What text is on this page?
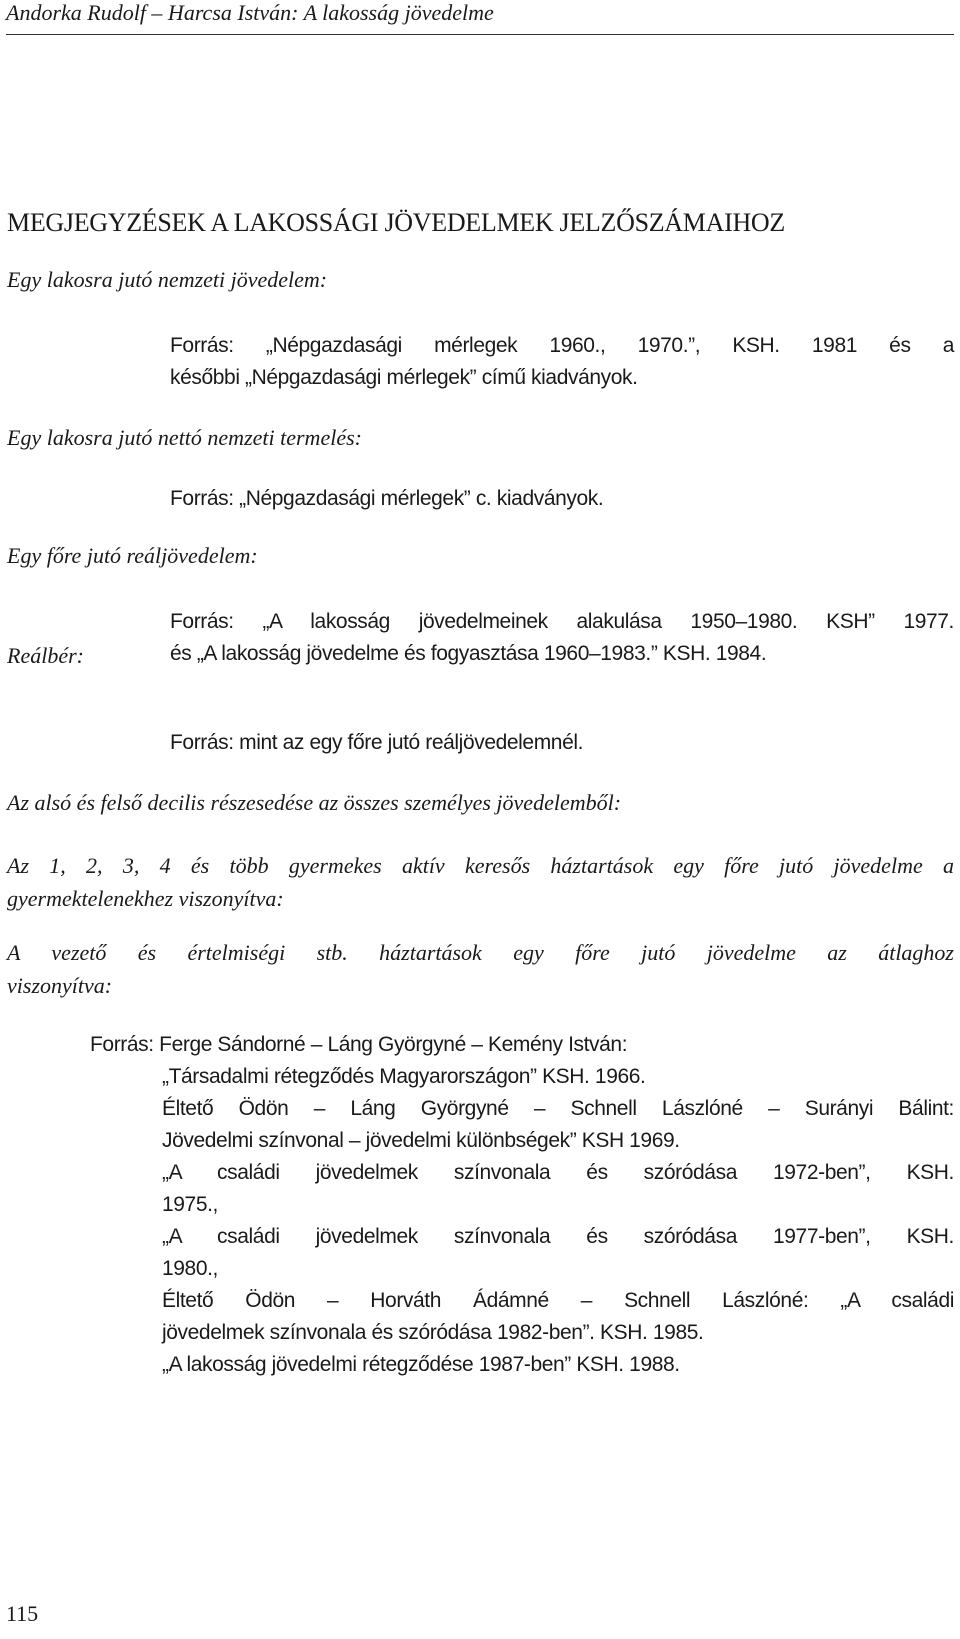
Andorka Rudolf – Harcsa István: A lakosság jövedelme

MEGJEGYZÉSEK A LAKOSSÁGI JÖVEDELMEK JELZŐSZÁMAIHOZ

Egy lakosra jutó nemzeti jövedelem:

Forrás: „Népgazdasági mérlegek 1960., 1970.”, KSH. 1981 és a
későbbi „Népgazdasági mérlegek” című kiadványok.

Egy lakosra jutó nettó nemzeti termelés:

Forrás: „Népgazdasági mérlegek” c. kiadványok.

Egy főre jutó reáljövedelem:

Forrás: „A lakosság jövedelmeinek alakulása 1950–1980. KSH” 1977.
és „A lakosság jövedelme és fogyasztása 1960–1983.” KSH. 1984.

Reálbér:

Forrás: mint az egy főre jutó reáljövedelemnél.

Az alsó és felső decilis részesedése az összes személyes jövedelemből:

Az 1, 2, 3, 4 és több gyermekes aktív keresős háztartások egy főre jutó jövedelme a
gyermektelenekhez viszonyítva:
A vezető és értelmiségi stb. háztartások egy főre jutó jövedelme az átlaghoz
viszonyítva:

Forrás: Ferge Sándorné – Láng Györgyné – Kemény István:

„Társadalmi rétegződés Magyarországon” KSH. 1966.
Éltető Ödön – Láng Györgyné – Schnell Lászlóné – Surányi Bálint:
Jövedelmi színvonal – jövedelmi különbségek” KSH 1969.
„A családi jövedelmek színvonala és szóródása 1972-ben”, KSH.
1975.,
„A családi jövedelmek színvonala és szóródása 1977-ben”, KSH.
1980.,
Éltető Ödön – Horváth Ádámné – Schnell Lászlóné: „A családi
jövedelmek színvonala és szóródása 1982-ben”. KSH. 1985.
„A lakosság jövedelmi rétegződése 1987-ben” KSH. 1988.

115
